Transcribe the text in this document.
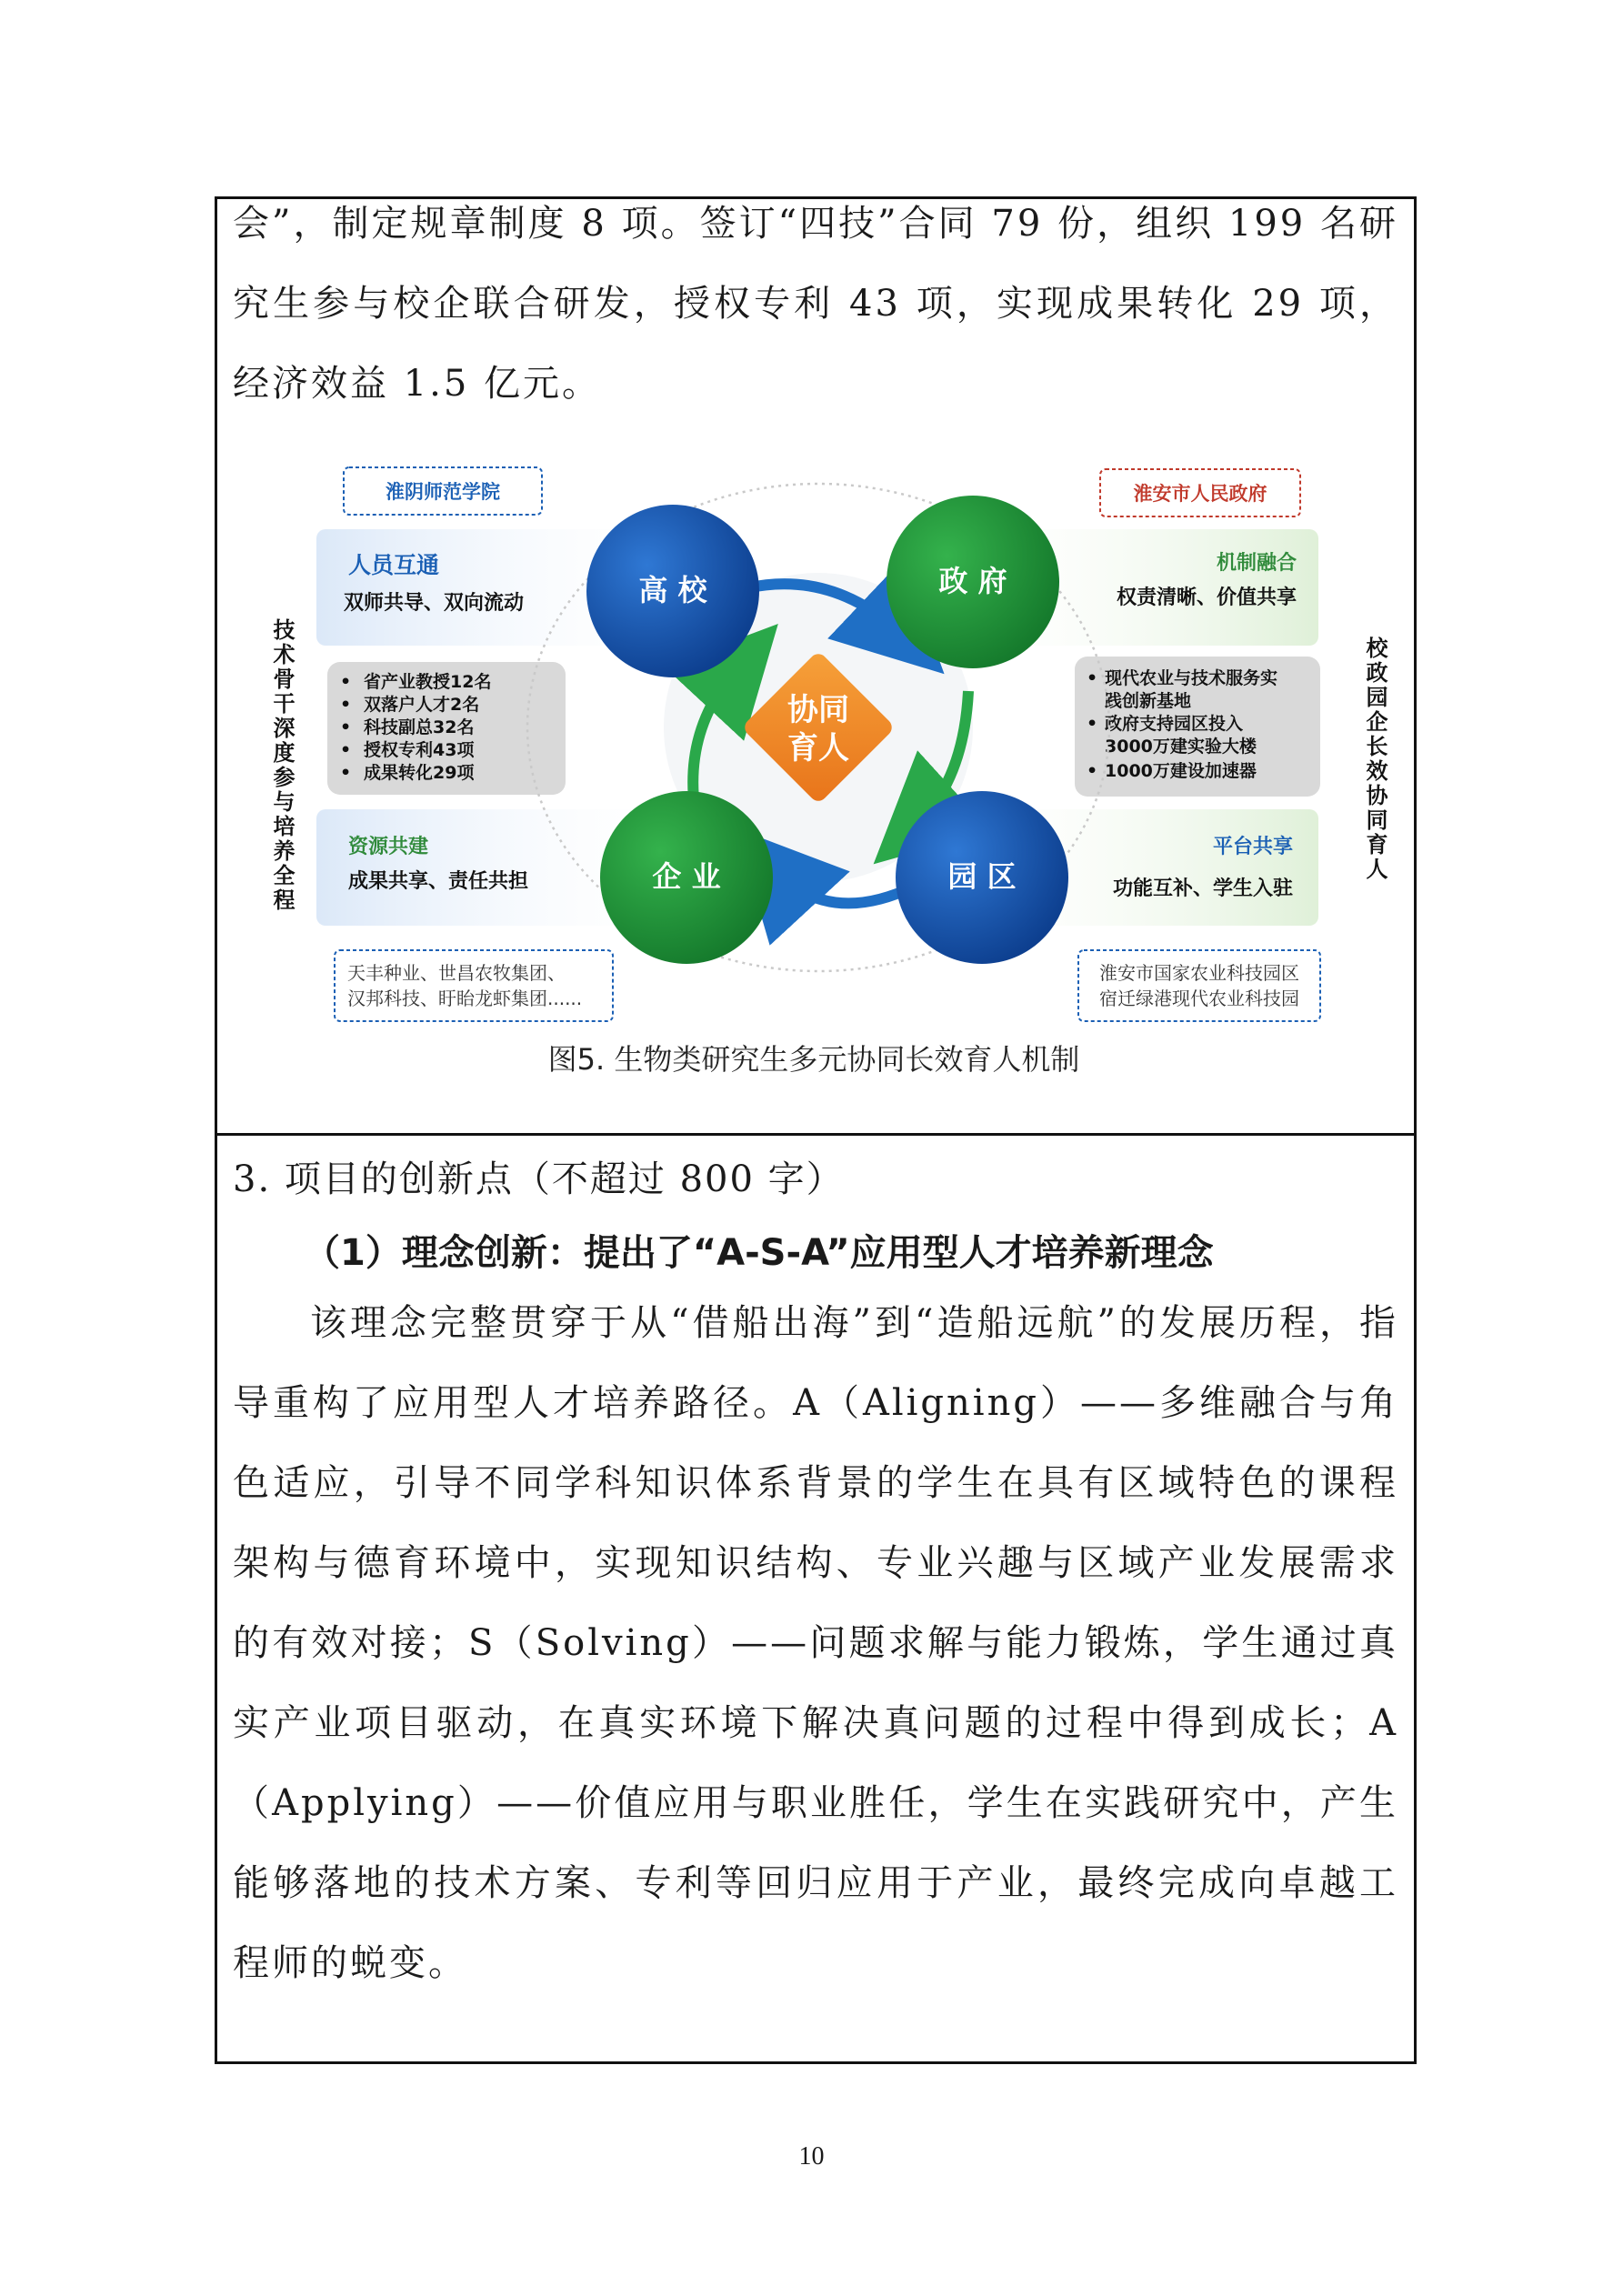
会”，制定规章制度 8 项。签订“四技”合同 79 份，组织 199 名研究生参与校企联合研发，授权专利 43 项，实现成果转化 29 项，经济效益 1.5 亿元。

淮阴师范学院	淮安市人民政府
人员互通
双师共导、双向流动
机制融合
权责清晰、价值共享
资源共建
成果共享、责任共担
平台共享
功能互补、学生入驻
• 省产业教授12名
• 双落户人才2名
• 科技副总32名
• 授权专利43项
• 成果转化29项
• 现代农业与技术服务实
践创新基地
• 政府支持园区投入
3000万建实验大楼
• 1000万建设加速器
协同
育人
高 校	政 府
企 业	园 区
天丰种业、世昌农牧集团、
汉邦科技、盱眙龙虾集团......
淮安市国家农业科技园区
宿迁绿港现代农业科技园
技术骨干深度参与培养全程	校政园企长效协同育人
图5. 生物类研究生多元协同长效育人机制

3. 项目的创新点（不超过 800 字）

（1）理念创新：提出了“A-S-A”应用型人才培养新理念

该理念完整贯穿于从“借船出海”到“造船远航”的发展历程，指导重构了应用型人才培养路径。A（Aligning）——多维融合与角色适应，引导不同学科知识体系背景的学生在具有区域特色的课程架构与德育环境中，实现知识结构、专业兴趣与区域产业发展需求的有效对接；S（Solving）——问题求解与能力锻炼，学生通过真实产业项目驱动，在真实环境下解决真问题的过程中得到成长；A（Applying）——价值应用与职业胜任，学生在实践研究中，产生能够落地的技术方案、专利等回归应用于产业，最终完成向卓越工程师的蜕变。

10
